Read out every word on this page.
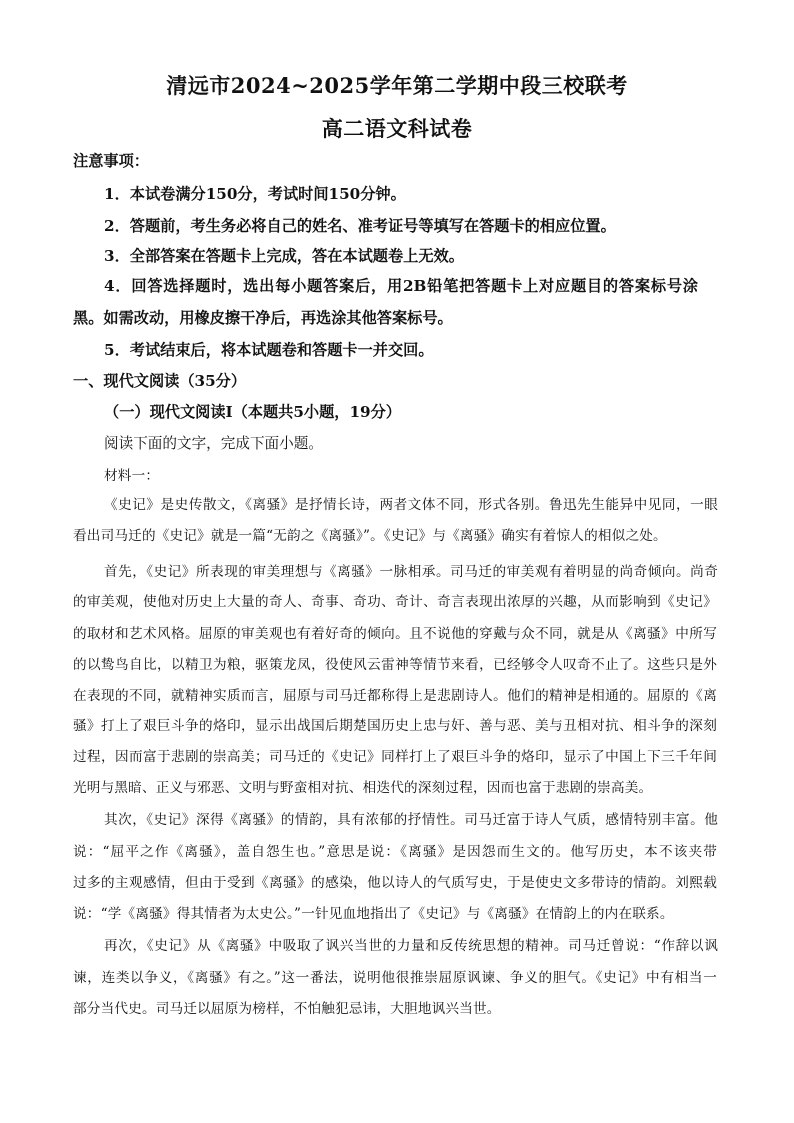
清远市2024~2025学年第二学期中段三校联考
高二语文科试卷
注意事项：
1．本试卷满分150分，考试时间150分钟。
2．答题前，考生务必将自己的姓名、准考证号等填写在答题卡的相应位置。
3．全部答案在答题卡上完成，答在本试题卷上无效。
4．回答选择题时，选出每小题答案后，用2B铅笔把答题卡上对应题目的答案标号涂
黑。如需改动，用橡皮擦干净后，再选涂其他答案标号。
5．考试结束后，将本试题卷和答题卡一并交回。
一、现代文阅读（35分）
（一）现代文阅读Ⅰ（本题共5小题，19分）
阅读下面的文字，完成下面小题。
材料一：
《史记》是史传散文，《离骚》是抒情长诗，两者文体不同，形式各别。鲁迅先生能异中见同，一眼
看出司马迁的《史记》就是一篇“无韵之《离骚》”。《史记》与《离骚》确实有着惊人的相似之处。
首先，《史记》所表现的审美理想与《离骚》一脉相承。司马迁的审美观有着明显的尚奇倾向。尚奇
的审美观，使他对历史上大量的奇人、奇事、奇功、奇计、奇言表现出浓厚的兴趣，从而影响到《史记》
的取材和艺术风格。屈原的审美观也有着好奇的倾向。且不说他的穿戴与众不同，就是从《离骚》中所写
的以鸷鸟自比，以精卫为粮，驱策龙凤，役使风云雷神等情节来看，已经够令人叹奇不止了。这些只是外
在表现的不同，就精神实质而言，屈原与司马迁都称得上是悲剧诗人。他们的精神是相通的。屈原的《离
骚》打上了艰巨斗争的烙印，显示出战国后期楚国历史上忠与奸、善与恶、美与丑相对抗、相斗争的深刻
过程，因而富于悲剧的崇高美；司马迁的《史记》同样打上了艰巨斗争的烙印，显示了中国上下三千年间
光明与黑暗、正义与邪恶、文明与野蛮相对抗、相迭代的深刻过程，因而也富于悲剧的崇高美。
其次，《史记》深得《离骚》的情韵，具有浓郁的抒情性。司马迁富于诗人气质，感情特别丰富。他
说：“屈平之作《离骚》，盖自怨生也。”意思是说：《离骚》是因怨而生文的。他写历史，本不该夹带
过多的主观感情，但由于受到《离骚》的感染，他以诗人的气质写史，于是使史文多带诗的情韵。刘熙载
说：“学《离骚》得其情者为太史公。”一针见血地指出了《史记》与《离骚》在情韵上的内在联系。
再次，《史记》从《离骚》中吸取了讽兴当世的力量和反传统思想的精神。司马迁曾说：“作辞以讽
谏，连类以争义，《离骚》有之。”这一番法，说明他很推崇屈原讽谏、争义的胆气。《史记》中有相当一
部分当代史。司马迁以屈原为榜样，不怕触犯忌讳，大胆地讽兴当世。
